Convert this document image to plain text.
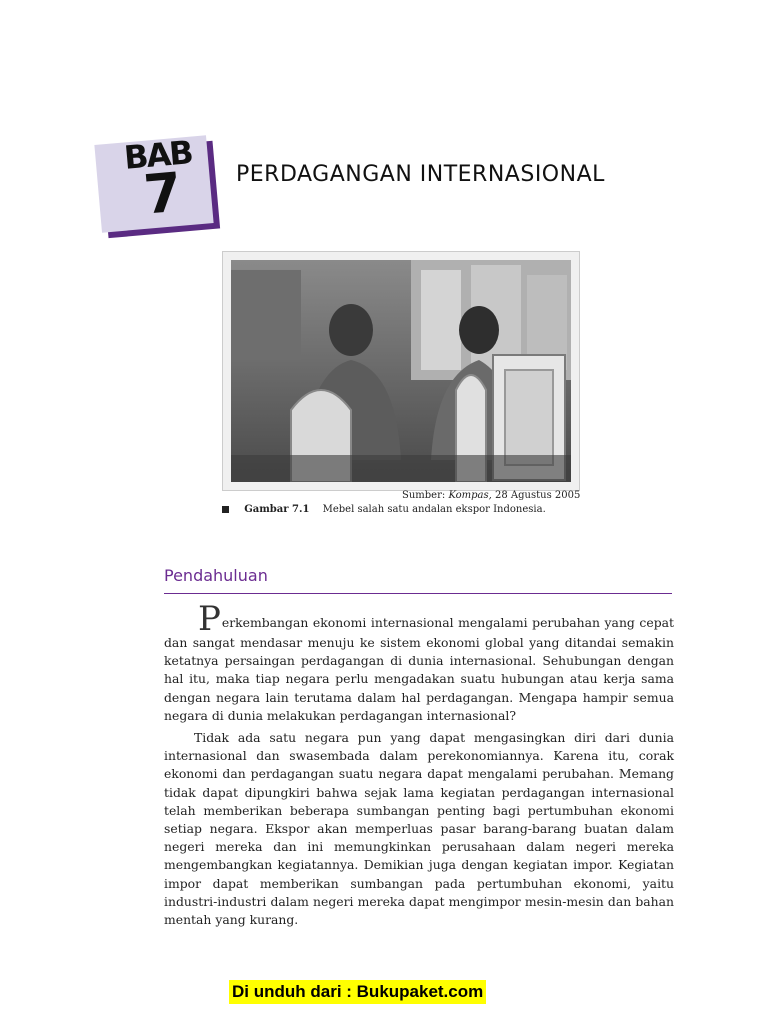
BAB
7 PERDAGANGAN INTERNASIONAL
Sumber: Kompas, 28 Agustus 2005
Gambar 7.1 Mebel salah satu andalan ekspor Indonesia.
Pendahuluan

Perkembangan ekonomi internasional mengalami perubahan yang cepat dan sangat mendasar menuju ke sistem ekonomi global yang ditandai semakin ketatnya persaingan perdagangan di dunia internasional. Sehubungan dengan hal itu, maka tiap negara perlu mengadakan suatu hubungan atau kerja sama dengan negara lain terutama dalam hal perdagangan. Mengapa hampir semua negara di dunia melakukan perdagangan internasional?

Tidak ada satu negara pun yang dapat mengasingkan diri dari dunia internasional dan swasembada dalam perekonomiannya. Karena itu, corak ekonomi dan perdagangan suatu negara dapat mengalami perubahan. Memang tidak dapat dipungkiri bahwa sejak lama kegiatan perdagangan internasional telah memberikan beberapa sumbangan penting bagi pertumbuhan ekonomi setiap negara. Ekspor akan memperluas pasar barang-barang buatan dalam negeri mereka dan ini memungkinkan perusahaan dalam negeri mereka mengembangkan kegiatannya. Demikian juga dengan kegiatan impor. Kegiatan impor dapat memberikan sumbangan pada pertumbuhan ekonomi, yaitu industri-industri dalam negeri mereka dapat mengimpor mesin-mesin dan bahan mentah yang kurang.

Di unduh dari : Bukupaket.com
